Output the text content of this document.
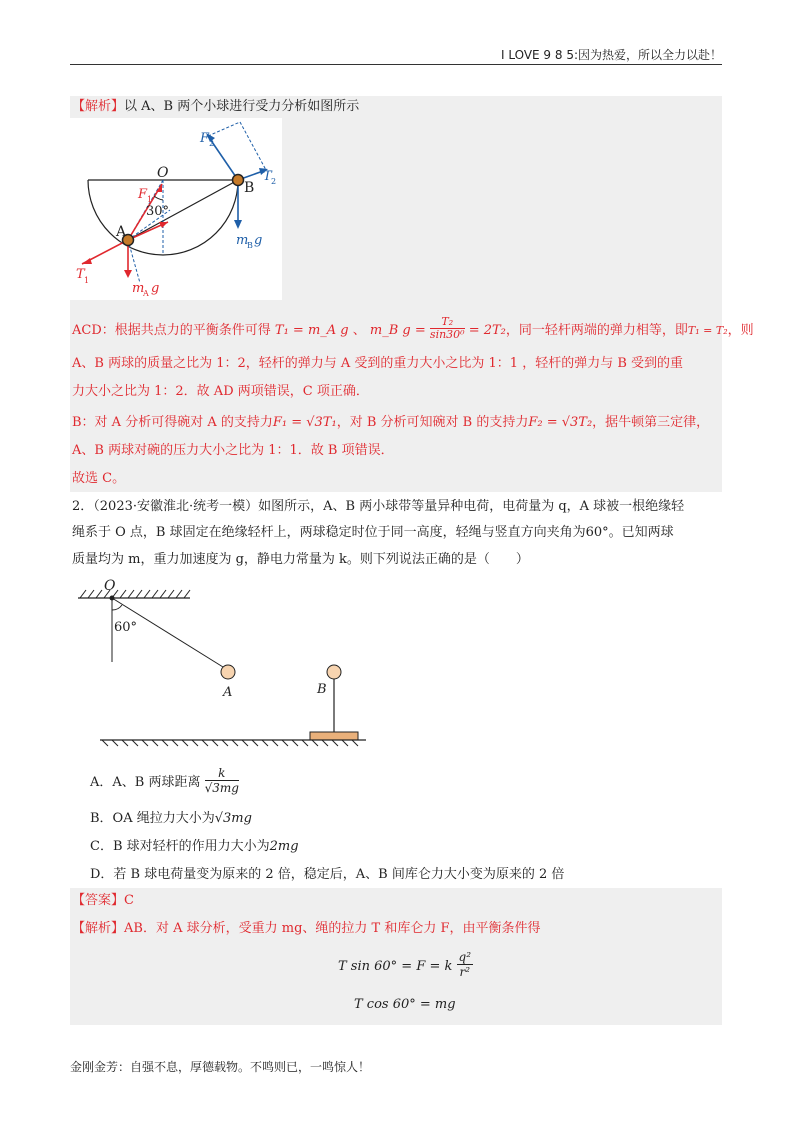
I LOVE 9 8 5:因为热爱，所以全力以赴！
【解析】以 A、B 两个小球进行受力分析如图所示
F 2
O
F 1
B
T 2
30°
A
m
B g
T 1
m
A g
ACD：根据共点力的平衡条件可得 T₁ = m_A g 、 m_B $g = \frac{\text{T₂}}{\text{sin30⁰}} = 2T_2$，同一轻杆两端的弹力相等，即T₁ = T₂，则
A、B 两球的质量之比为 1：2，轻杆的弹力与 A 受到的重力大小之比为 1：1 ，轻杆的弹力与 B 受到的重
力大小之比为 1：2．故 AD 两项错误，C 项正确．
B：对 A 分析可得碗对 A 的支持力F₁ = √3T₁，对 B 分析可知碗对 B 的支持力F₂ = √3T₂，据牛顿第三定律，
A、B 两球对碗的压力大小之比为 1：1．故 B 项错误．
故选 C。
2．（2023·安徽淮北·统考一模）如图所示，A、B 两小球带等量异种电荷，电荷量为 q，A 球被一根绝缘轻
绳系于 O 点，B 球固定在绝缘轻杆上，两球稳定时位于同一高度，轻绳与竖直方向夹角为60°。已知两球
质量均为 m，重力加速度为 g，静电力常量为 k。则下列说法正确的是（　　）
O
60°
A	B
A．A、B 两球距离 $\frac{k}{√3mg}$
B．OA 绳拉力大小为√3mg
C．B 球对轻杆的作用力大小为2mg
D．若 B 球电荷量变为原来的 2 倍，稳定后，A、B 间库仑力大小变为原来的 2 倍
【答案】C
【解析】AB．对 A 球分析，受重力 mg、绳的拉力 T 和库仑力 F，由平衡条件得
T sin 60° = F = k $\frac{\text{q²}}{\text{r²}}$
T cos 60° = mg
金刚金芳：自强不息，厚德载物。不鸣则已，一鸣惊人！
